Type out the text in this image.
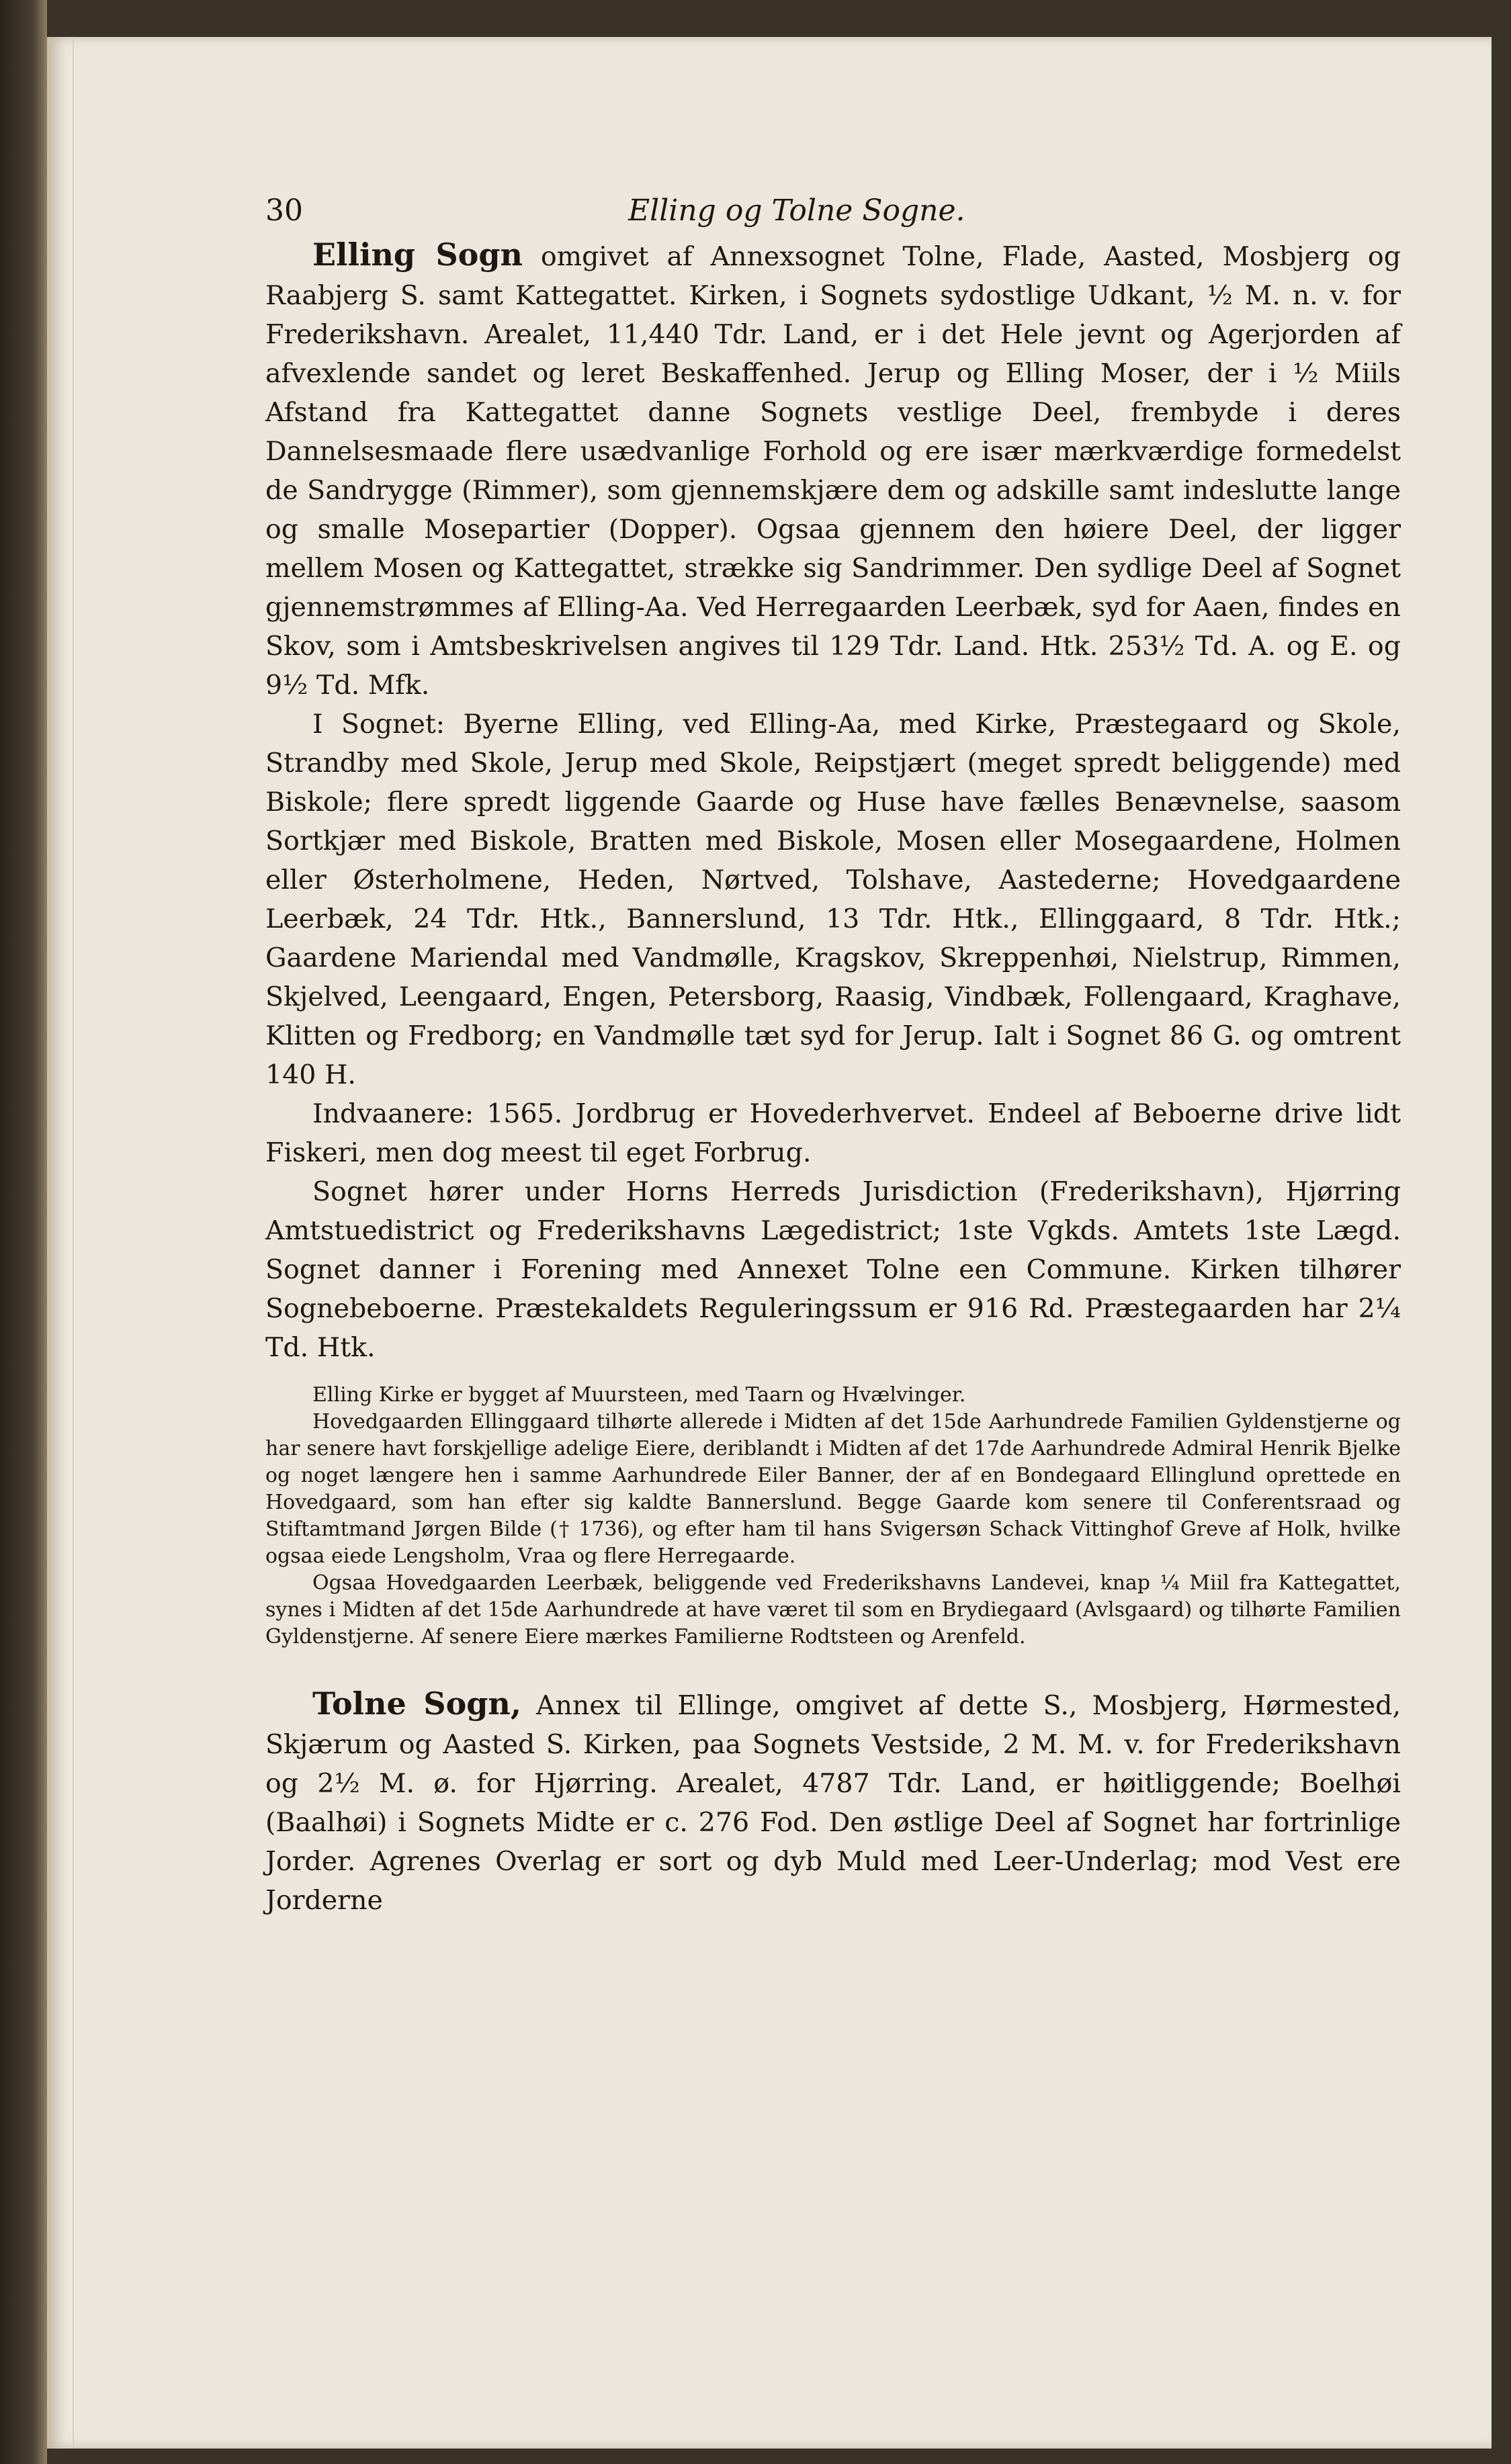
30	Elling og Tolne Sogne.

Elling Sogn omgivet af Annexsognet Tolne, Flade, Aasted, Mosbjerg og Raabjerg S. samt Kattegattet. Kirken, i Sognets sydostlige Udkant, ½ M. n. v. for Frederikshavn. Arealet, 11,440 Tdr. Land, er i det Hele jevnt og Agerjorden af afvexlende sandet og leret Beskaffenhed. Jerup og Elling Moser, der i ½ Miils Afstand fra Kattegattet danne Sognets vestlige Deel, frembyde i deres Dannelsesmaade flere usædvanlige Forhold og ere især mærkværdige formedelst de Sandrygge (Rimmer), som gjennemskjære dem og adskille samt indeslutte lange og smalle Mosepartier (Dopper). Ogsaa gjennem den høiere Deel, der ligger mellem Mosen og Kattegattet, strække sig Sandrimmer. Den sydlige Deel af Sognet gjennemstrømmes af Elling-Aa. Ved Herregaarden Leerbæk, syd for Aaen, findes en Skov, som i Amtsbeskrivelsen angives til 129 Tdr. Land. Htk. 253½ Td. A. og E. og 9½ Td. Mfk.

I Sognet: Byerne Elling, ved Elling-Aa, med Kirke, Præstegaard og Skole, Strandby med Skole, Jerup med Skole, Reipstjært (meget spredt beliggende) med Biskole; flere spredt liggende Gaarde og Huse have fælles Benævnelse, saasom Sortkjær med Biskole, Bratten med Biskole, Mosen eller Mosegaardene, Holmen eller Østerholmene, Heden, Nørtved, Tolshave, Aastederne; Hovedgaardene Leerbæk, 24 Tdr. Htk., Bannerslund, 13 Tdr. Htk., Ellinggaard, 8 Tdr. Htk.; Gaardene Mariendal med Vandmølle, Kragskov, Skreppenhøi, Nielstrup, Rimmen, Skjelved, Leengaard, Engen, Petersborg, Raasig, Vindbæk, Follengaard, Kraghave, Klitten og Fredborg; en Vandmølle tæt syd for Jerup. Ialt i Sognet 86 G. og omtrent 140 H.

Indvaanere: 1565. Jordbrug er Hovederhvervet. Endeel af Beboerne drive lidt Fiskeri, men dog meest til eget Forbrug.

Sognet hører under Horns Herreds Jurisdiction (Frederikshavn), Hjørring Amtstuedistrict og Frederikshavns Lægedistrict; 1ste Vgkds. Amtets 1ste Lægd. Sognet danner i Forening med Annexet Tolne een Commune. Kirken tilhører Sognebeboerne. Præstekaldets Reguleringssum er 916 Rd. Præstegaarden har 2¼ Td. Htk.

Elling Kirke er bygget af Muursteen, med Taarn og Hvælvinger.

Hovedgaarden Ellinggaard tilhørte allerede i Midten af det 15de Aarhundrede Familien Gyldenstjerne og har senere havt forskjellige adelige Eiere, deriblandt i Midten af det 17de Aarhundrede Admiral Henrik Bjelke og noget længere hen i samme Aarhundrede Eiler Banner, der af en Bondegaard Ellinglund oprettede en Hovedgaard, som han efter sig kaldte Bannerslund. Begge Gaarde kom senere til Conferentsraad og Stiftamtmand Jørgen Bilde († 1736), og efter ham til hans Svigersøn Schack Vittinghof Greve af Holk, hvilke ogsaa eiede Lengsholm, Vraa og flere Herregaarde.

Ogsaa Hovedgaarden Leerbæk, beliggende ved Frederikshavns Landevei, knap ¼ Miil fra Kattegattet, synes i Midten af det 15de Aarhundrede at have været til som en Brydiegaard (Avlsgaard) og tilhørte Familien Gyldenstjerne. Af senere Eiere mærkes Familierne Rodtsteen og Arenfeld.

Tolne Sogn, Annex til Ellinge, omgivet af dette S., Mosbjerg, Hørmested, Skjærum og Aasted S. Kirken, paa Sognets Vestside, 2 M. M. v. for Frederikshavn og 2½ M. ø. for Hjørring. Arealet, 4787 Tdr. Land, er høitliggende; Boelhøi (Baalhøi) i Sognets Midte er c. 276 Fod. Den østlige Deel af Sognet har fortrinlige Jorder. Agrenes Overlag er sort og dyb Muld med Leer-Underlag; mod Vest ere Jorderne
